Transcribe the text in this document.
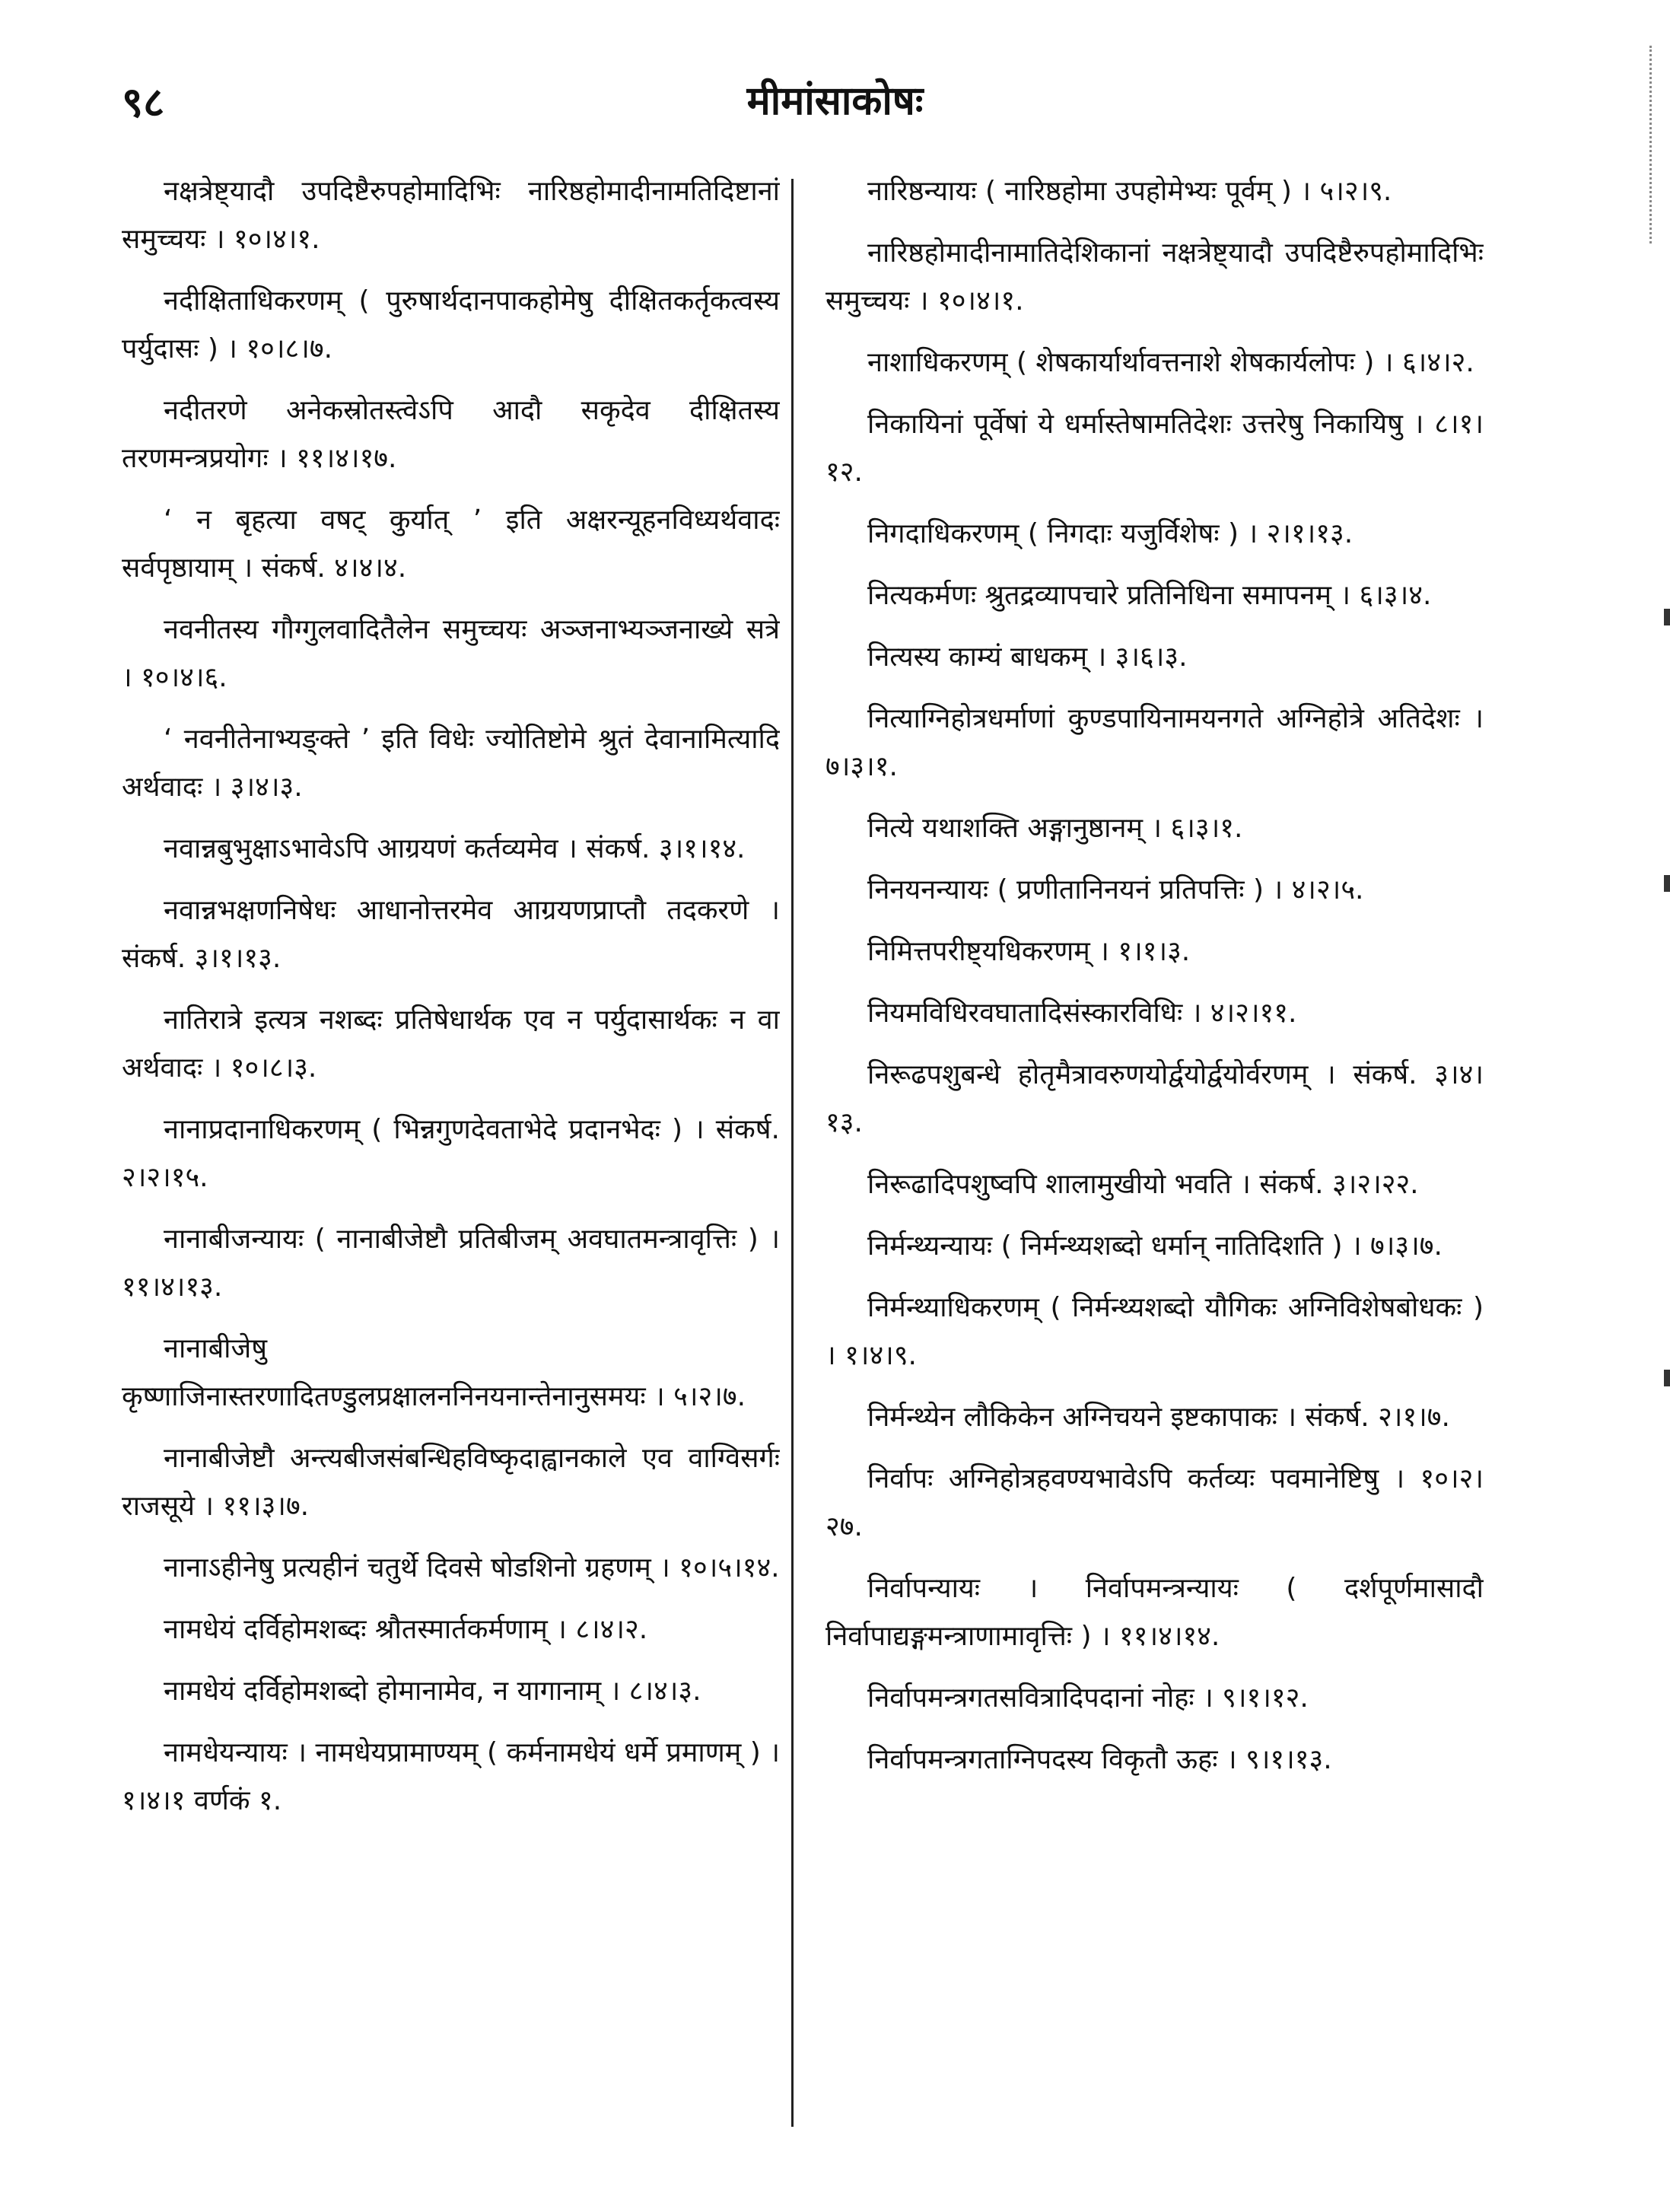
९८	मीमांसाकोषः

नक्षत्रेष्ट्यादौ उपदिष्टैरुपहोमादिभिः नारिष्ठहोमादीनामतिदिष्टानां समुच्चयः । १०।४।१.

नदीक्षिताधिकरणम् ( पुरुषार्थदानपाकहोमेषु दीक्षितकर्तृकत्वस्य पर्युदासः ) । १०।८।७.

नदीतरणे अनेकस्रोतस्त्वेऽपि आदौ सकृदेव दीक्षितस्य तरणमन्त्रप्रयोगः । ११।४।१७.

‘ न बृहत्या वषट् कुर्यात् ’ इति अक्षरन्यूहनविध्यर्थवादः सर्वपृष्ठायाम् । संकर्ष. ४।४।४.

नवनीतस्य गौग्गुलवादितैलेन समुच्चयः अञ्जनाभ्यञ्जनाख्ये सत्रे । १०।४।६.

‘ नवनीतेनाभ्यङ्क्ते ’ इति विधेः ज्योतिष्टोमे श्रुतं देवानामित्यादि अर्थवादः । ३।४।३.

नवान्नबुभुक्षाऽभावेऽपि आग्रयणं कर्तव्यमेव । संकर्ष. ३।१।१४.

नवान्नभक्षणनिषेधः आधानोत्तरमेव आग्रयणप्राप्तौ तदकरणे । संकर्ष. ३।१।१३.

नातिरात्रे इत्यत्र नशब्दः प्रतिषेधार्थक एव न पर्युदासार्थकः न वा अर्थवादः । १०।८।३.

नानाप्रदानाधिकरणम् ( भिन्नगुणदेवताभेदे प्रदानभेदः ) । संकर्ष. २।२।१५.

नानाबीजन्यायः ( नानाबीजेष्टौ प्रतिबीजम् अवघातमन्त्रावृत्तिः ) । ११।४।१३.

नानाबीजेषु कृष्णाजिनास्तरणादितण्डुलप्रक्षालननिनयनान्तेनानुसमयः । ५।२।७.

नानाबीजेष्टौ अन्त्यबीजसंबन्धिहविष्कृदाह्वानकाले एव वाग्विसर्गः राजसूये । ११।३।७.

नानाऽहीनेषु प्रत्यहीनं चतुर्थे दिवसे षोडशिनो ग्रहणम् । १०।५।१४.

नामधेयं दर्विहोमशब्दः श्रौतस्मार्तकर्मणाम् । ८।४।२.

नामधेयं दर्विहोमशब्दो होमानामेव, न यागानाम् । ८।४।३.

नामधेयन्यायः । नामधेयप्रामाण्यम् ( कर्मनामधेयं धर्मे प्रमाणम् ) । १।४।१ वर्णकं १.

नारिष्ठन्यायः ( नारिष्ठहोमा उपहोमेभ्यः पूर्वम् ) । ५।२।९.

नारिष्ठहोमादीनामातिदेशिकानां नक्षत्रेष्ट्यादौ उपदिष्टैरुपहोमादिभिः समुच्चयः । १०।४।१.

नाशाधिकरणम् ( शेषकार्यार्थावत्तनाशे शेषकार्यलोपः ) । ६।४।२.

निकायिनां पूर्वेषां ये धर्मास्तेषामतिदेशः उत्तरेषु निकायिषु । ८।१।१२.

निगदाधिकरणम् ( निगदाः यजुर्विशेषः ) । २।१।१३.

नित्यकर्मणः श्रुतद्रव्यापचारे प्रतिनिधिना समापनम् । ६।३।४.

नित्यस्य काम्यं बाधकम् । ३।६।३.

नित्याग्निहोत्रधर्माणां कुण्डपायिनामयनगते अग्निहोत्रे अतिदेशः । ७।३।१.

नित्ये यथाशक्ति अङ्गानुष्ठानम् । ६।३।१.

निनयनन्यायः ( प्रणीतानिनयनं प्रतिपत्तिः ) । ४।२।५.

निमित्तपरीष्ट्यधिकरणम् । १।१।३.

नियमविधिरवघातादिसंस्कारविधिः । ४।२।११.

निरूढपशुबन्धे होतृमैत्रावरुणयोर्द्वयोर्द्वयोर्वरणम् । संकर्ष. ३।४।१३.

निरूढादिपशुष्वपि शालामुखीयो भवति । संकर्ष. ३।२।२२.

निर्मन्थ्यन्यायः ( निर्मन्थ्यशब्दो धर्मान् नातिदिशति ) । ७।३।७.

निर्मन्थ्याधिकरणम् ( निर्मन्थ्यशब्दो यौगिकः अग्निविशेषबोधकः ) । १।४।९.

निर्मन्थ्येन लौकिकेन अग्निचयने इष्टकापाकः । संकर्ष. २।१।७.

निर्वापः अग्निहोत्रहवण्यभावेऽपि कर्तव्यः पवमानेष्टिषु । १०।२।२७.

निर्वापन्यायः । निर्वापमन्त्रन्यायः ( दर्शपूर्णमासादौ निर्वापाद्यङ्गमन्त्राणामावृत्तिः ) । ११।४।१४.

निर्वापमन्त्रगतसवित्रादिपदानां नोहः । ९।१।१२.

निर्वापमन्त्रगताग्निपदस्य विकृतौ ऊहः । ९।१।१३.
